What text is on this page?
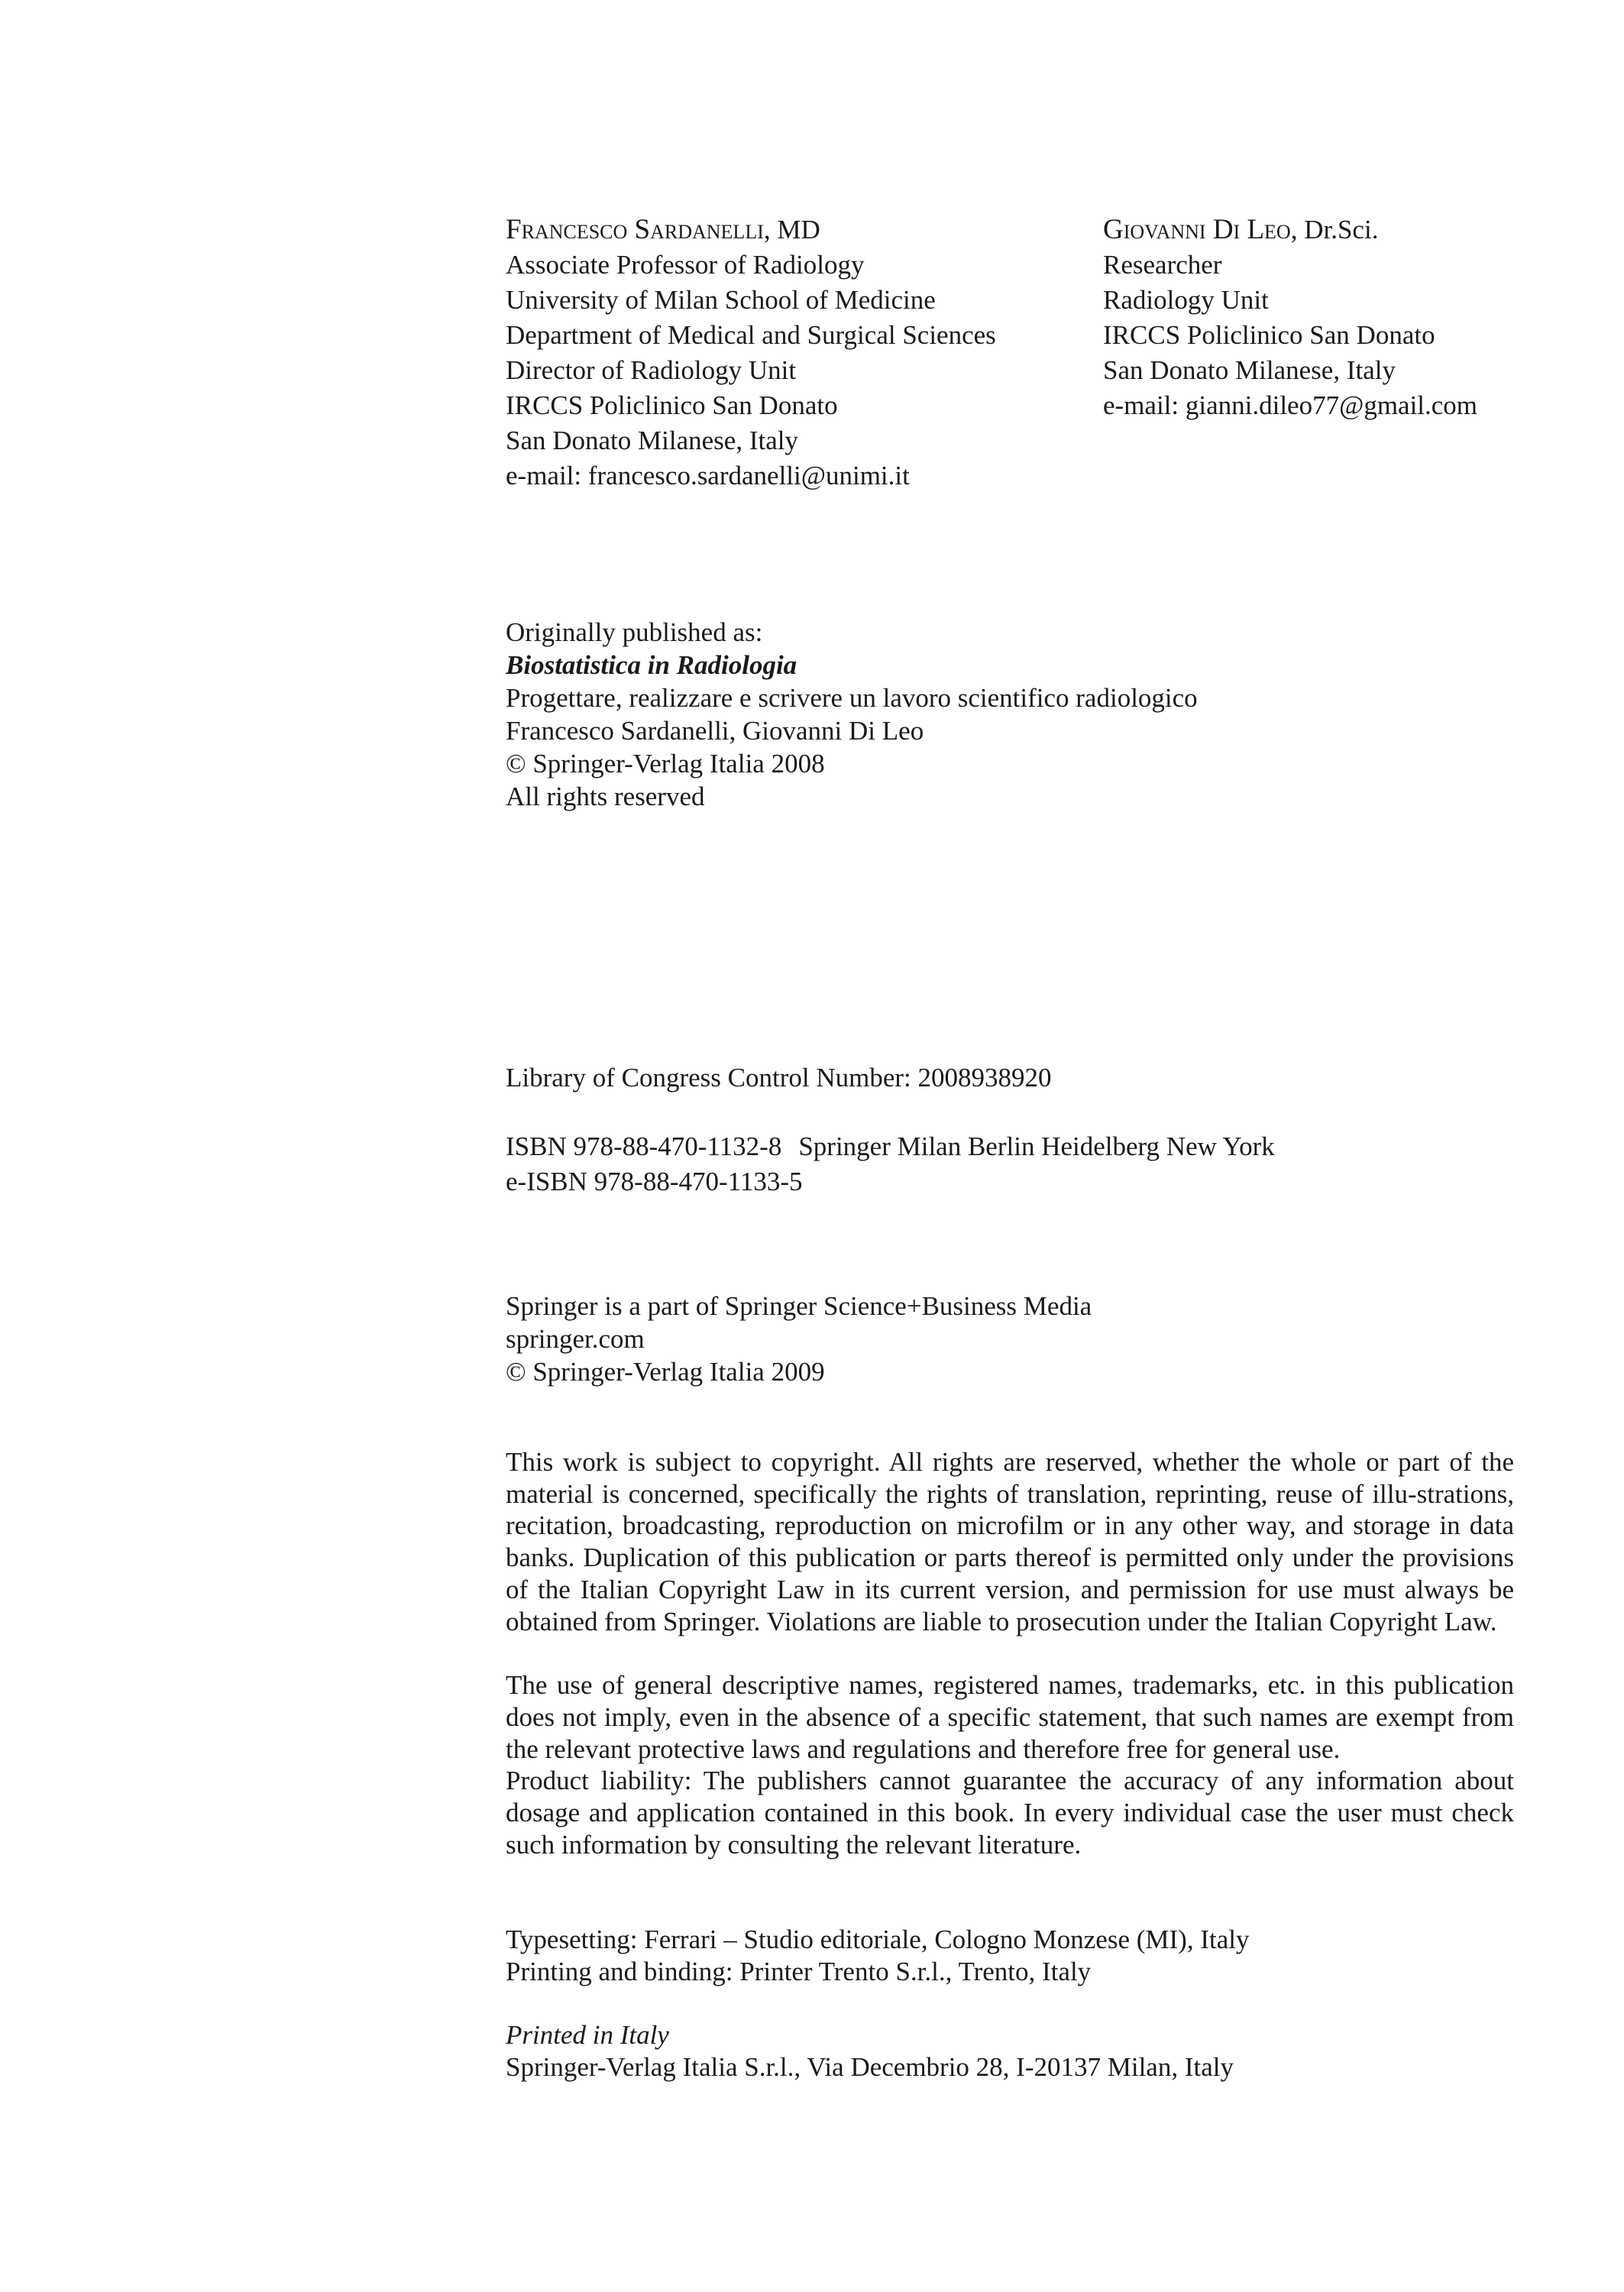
Francesco Sardanelli, MD
Associate Professor of Radiology
University of Milan School of Medicine
Department of Medical and Surgical Sciences
Director of Radiology Unit
IRCCS Policlinico San Donato
San Donato Milanese, Italy
e-mail: francesco.sardanelli@unimi.it
Giovanni Di Leo, Dr.Sci.
Researcher
Radiology Unit
IRCCS Policlinico San Donato
San Donato Milanese, Italy
e-mail: gianni.dileo77@gmail.com
Originally published as:
Biostatistica in Radiologia
Progettare, realizzare e scrivere un lavoro scientifico radiologico
Francesco Sardanelli, Giovanni Di Leo
© Springer-Verlag Italia 2008
All rights reserved
Library of Congress Control Number: 2008938920
ISBN 978-88-470-1132-8 Springer Milan Berlin Heidelberg New York
e-ISBN 978-88-470-1133-5
Springer is a part of Springer Science+Business Media
springer.com
© Springer-Verlag Italia 2009
This work is subject to copyright. All rights are reserved, whether the whole or part of the material is concerned, specifically the rights of translation, reprinting, reuse of illu-strations, recitation, broadcasting, reproduction on microfilm or in any other way, and storage in data banks. Duplication of this publication or parts thereof is permitted only under the provisions of the Italian Copyright Law in its current version, and permission for use must always be obtained from Springer. Violations are liable to prosecution under the Italian Copyright Law.
The use of general descriptive names, registered names, trademarks, etc. in this publication does not imply, even in the absence of a specific statement, that such names are exempt from the relevant protective laws and regulations and therefore free for general use.
Product liability: The publishers cannot guarantee the accuracy of any information about dosage and application contained in this book. In every individual case the user must check such information by consulting the relevant literature.
Typesetting: Ferrari – Studio editoriale, Cologno Monzese (MI), Italy
Printing and binding: Printer Trento S.r.l., Trento, Italy
Printed in Italy
Springer-Verlag Italia S.r.l., Via Decembrio 28, I-20137 Milan, Italy
